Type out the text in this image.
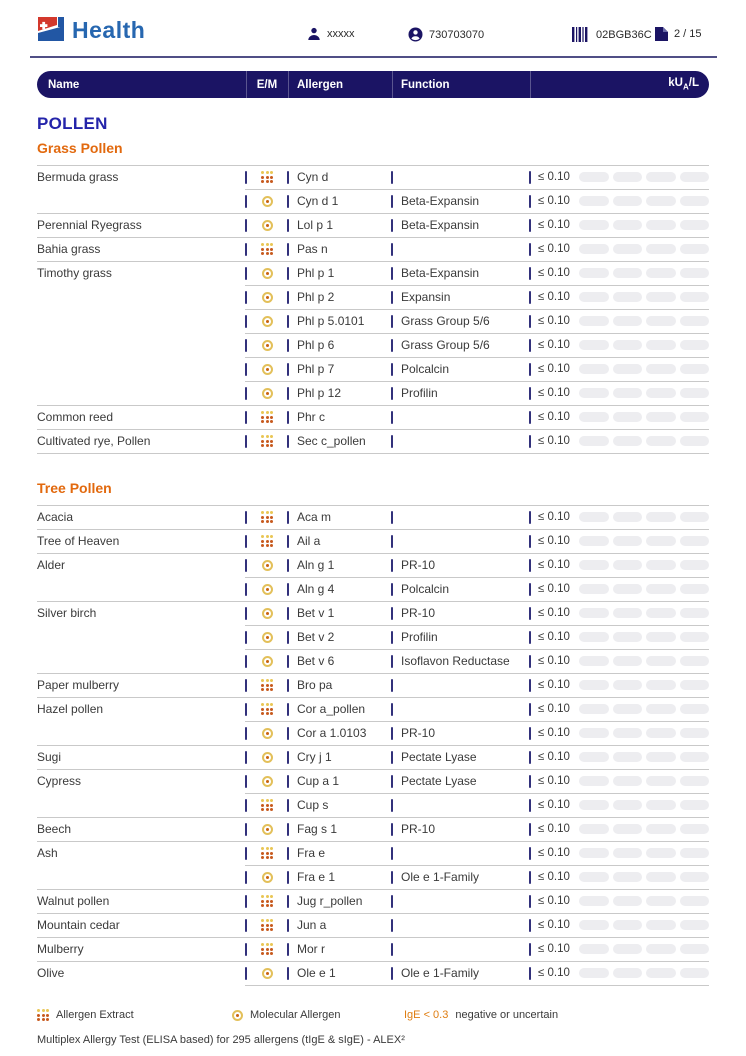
Health	xxxxx	730703070	02BGB36C 2 / 15
Name	E/M	Allergen	Function	$kU_A/L$
POLLEN
Grass Pollen
Bermuda grass	Cyn d	≤ 0.10
Cyn d 1	Beta-Expansin	≤ 0.10
Perennial Ryegrass	Lol p 1	Beta-Expansin	≤ 0.10
Bahia grass	Pas n	≤ 0.10
Timothy grass	Phl p 1	Beta-Expansin	≤ 0.10
Phl p 2	Expansin	≤ 0.10
Phl p 5.0101	Grass Group 5/6	≤ 0.10
Phl p 6	Grass Group 5/6	≤ 0.10
Phl p 7	Polcalcin	≤ 0.10
Phl p 12	Profilin	≤ 0.10
Common reed	Phr c	≤ 0.10
Cultivated rye, Pollen	Sec c_pollen	≤ 0.10
Tree Pollen
Acacia	Aca m	≤ 0.10
Tree of Heaven	Ail a	≤ 0.10
Alder	Aln g 1	PR-10	≤ 0.10
Aln g 4	Polcalcin	≤ 0.10
Silver birch	Bet v 1	PR-10	≤ 0.10
Bet v 2	Profilin	≤ 0.10
Bet v 6	Isoflavon Reductase	≤ 0.10
Paper mulberry	Bro pa	≤ 0.10
Hazel pollen	Cor a_pollen	≤ 0.10
Cor a 1.0103	PR-10	≤ 0.10
Sugi	Cry j 1	Pectate Lyase	≤ 0.10
Cypress	Cup a 1	Pectate Lyase	≤ 0.10
Cup s	≤ 0.10
Beech	Fag s 1	PR-10	≤ 0.10
Ash	Fra e	≤ 0.10
Fra e 1	Ole e 1-Family	≤ 0.10
Walnut pollen	Jug r_pollen	≤ 0.10
Mountain cedar	Jun a	≤ 0.10
Mulberry	Mor r	≤ 0.10
Olive	Ole e 1	Ole e 1-Family	≤ 0.10
Allergen Extract	Molecular Allergen	IgE < 0.3 negative or uncertain
Multiplex Allergy Test (ELISA based) for 295 allergens (tIgE & sIgE) - ALEX²
